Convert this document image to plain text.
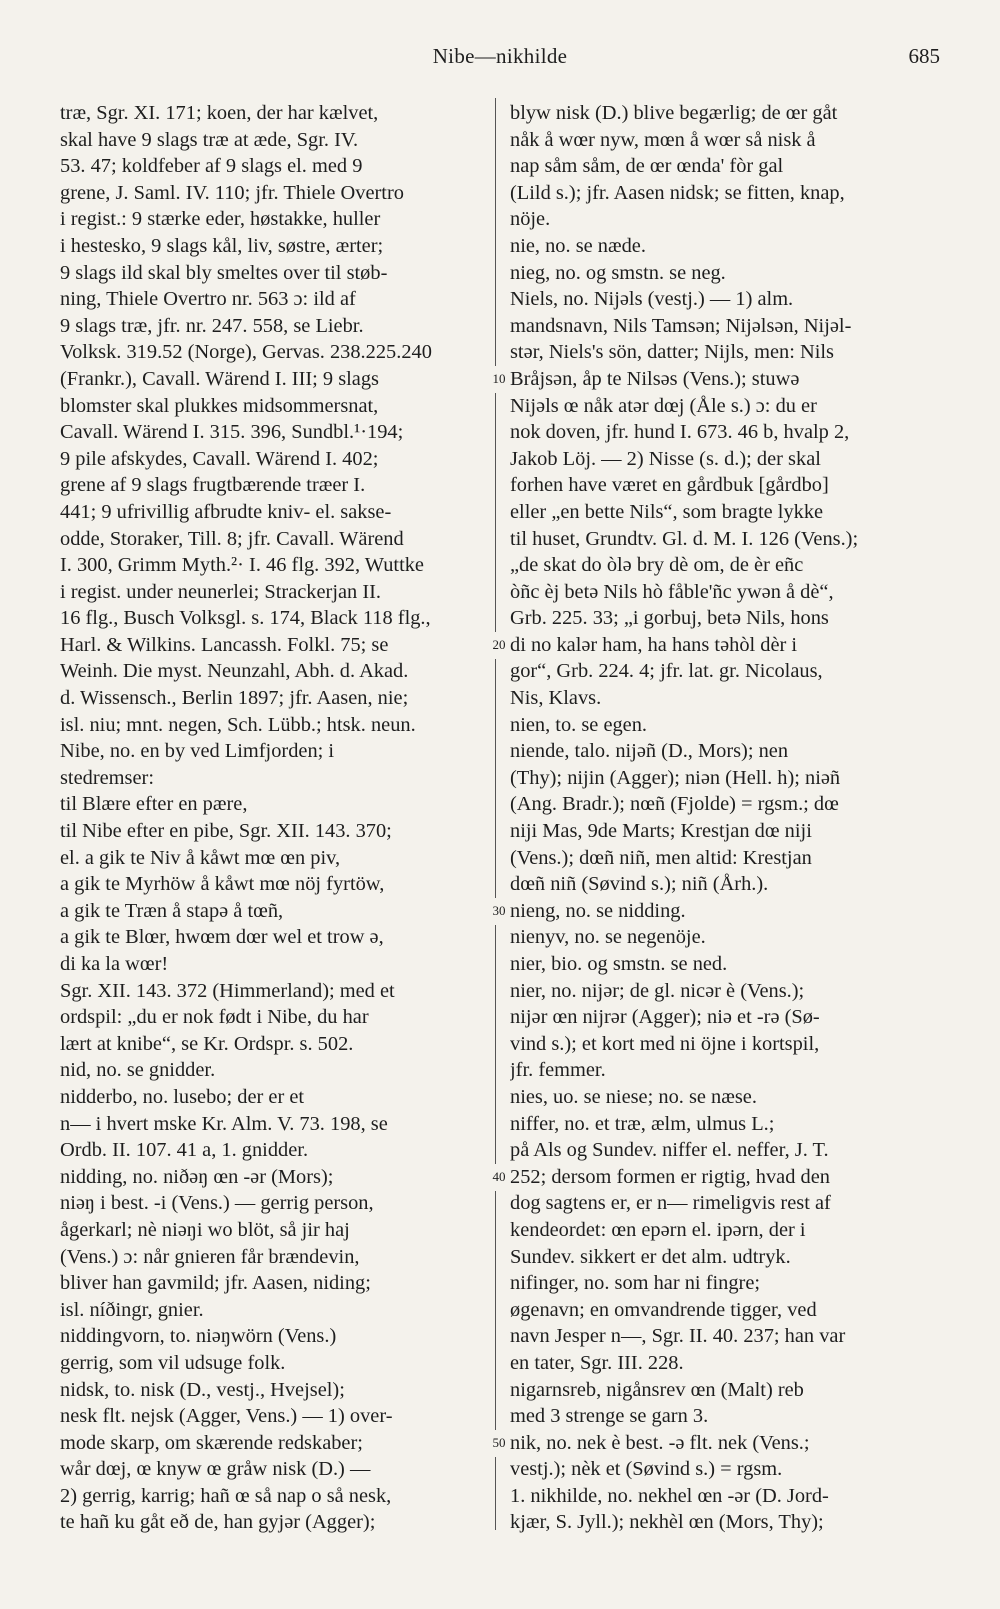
Nibe—nikhilde	685
10
20
30
40
50
træ, Sgr. XI. 171; koen, der har kælvet,
skal have 9 slags træ at æde, Sgr. IV.
53. 47; koldfeber af 9 slags el. med 9
grene, J. Saml. IV. 110; jfr. Thiele Overtro
i regist.: 9 stærke eder, høstakke, huller
i hestesko, 9 slags kål, liv, søstre, ærter;
9 slags ild skal bly smeltes over til støb-
ning, Thiele Overtro nr. 563 ɔ: ild af
9 slags træ, jfr. nr. 247. 558, se Liebr.
Volksk. 319.52 (Norge), Gervas. 238.225.240
(Frankr.), Cavall. Wärend I. III; 9 slags
blomster skal plukkes midsommersnat,
Cavall. Wärend I. 315. 396, Sundbl.¹·194;
9 pile afskydes, Cavall. Wärend I. 402;
grene af 9 slags frugtbærende træer I.
441; 9 ufrivillig afbrudte kniv- el. sakse-
odde, Storaker, Till. 8; jfr. Cavall. Wärend
I. 300, Grimm Myth.²· I. 46 flg. 392, Wuttke
i regist. under neunerlei; Strackerjan II.
16 flg., Busch Volksgl. s. 174, Black 118 flg.,
Harl. & Wilkins. Lancassh. Folkl. 75; se
Weinh. Die myst. Neunzahl, Abh. d. Akad.
d. Wissensch., Berlin 1897; jfr. Aasen, nie;
isl. niu; mnt. negen, Sch. Lübb.; htsk. neun.
Nibe, no. en by ved Limfjorden; i
stedremser:
til Blære efter en pære,
til Nibe efter en pibe, Sgr. XII. 143. 370;
el. a gik te Niv å kåwt mœ œn piv,
a gik te Myrhöw å kåwt mœ nöj fyrtöw,
a gik te Træn å stapə å tœñ,
a gik te Blœr, hwœm dœr wel et trow ə,
di ka la wœr!
Sgr. XII. 143. 372 (Himmerland); med et
ordspil: „du er nok født i Nibe, du har
lært at knibe“, se Kr. Ordspr. s. 502.
nid, no. se gnidder.
nidderbo, no. lusebo; der er et
n— i hvert mske Kr. Alm. V. 73. 198, se
Ordb. II. 107. 41 a, 1. gnidder.
nidding, no. niðəŋ œn -ər (Mors);
niəŋ i best. -i (Vens.) — gerrig person,
ågerkarl; nè niəŋi wo blöt, så jir haj
(Vens.) ɔ: når gnieren får brændevin,
bliver han gavmild; jfr. Aasen, niding;
isl. níðingr, gnier.
niddingvorn, to. niəŋwörn (Vens.)
gerrig, som vil udsuge folk.
nidsk, to. nisk (D., vestj., Hvejsel);
nesk flt. nejsk (Agger, Vens.) — 1) over-
mode skarp, om skærende redskaber;
wår dœj, œ knyw œ gråw nisk (D.) —
2) gerrig, karrig; hañ œ så nap o så nesk,
te hañ ku gåt eð de, han gyjər (Agger);
blyw nisk (D.) blive begærlig; de œr gåt
nåk å wœr nyw, mœn å wœr så nisk å
nap såm såm, de œr œnda' fòr gal
(Lild s.); jfr. Aasen nidsk; se fitten, knap,
nöje.
nie, no. se næde.
nieg, no. og smstn. se neg.
Niels, no. Nijəls (vestj.) — 1) alm.
mandsnavn, Nils Tamsən; Nijəlsən, Nijəl-
stər, Niels's sön, datter; Nijls, men: Nils
Bråjsən, åp te Nilsəs (Vens.); stuwə
Nijəls œ nåk atər dœj (Åle s.) ɔ: du er
nok doven, jfr. hund I. 673. 46 b, hvalp 2,
Jakob Löj. — 2) Nisse (s. d.); der skal
forhen have været en gårdbuk [gårdbo]
eller „en bette Nils“, som bragte lykke
til huset, Grundtv. Gl. d. M. I. 126 (Vens.);
„de skat do òlə bry dè om, de èr eñc
òñc èj betə Nils hò fåble'ñc ywən å dè“,
Grb. 225. 33; „i gorbuj, betə Nils, hons
di no kalər ham, ha hans təhòl dèr i
gor“, Grb. 224. 4; jfr. lat. gr. Nicolaus,
Nis, Klavs.
nien, to. se egen.
niende, talo. nijəñ (D., Mors); nen
(Thy); nijin (Agger); niən (Hell. h); niəñ
(Ang. Bradr.); nœñ (Fjolde) = rgsm.; dœ
niji Mas, 9de Marts; Krestjan dœ niji
(Vens.); dœñ niñ, men altid: Krestjan
dœñ niñ (Søvind s.); niñ (Årh.).
nieng, no. se nidding.
nienyv, no. se negenöje.
nier, bio. og smstn. se ned.
nier, no. nijər; de gl. nicər è (Vens.);
nijər œn nijrər (Agger); niə et -rə (Sø-
vind s.); et kort med ni öjne i kortspil,
jfr. femmer.
nies, uo. se niese; no. se næse.
niffer, no. et træ, ælm, ulmus L.;
på Als og Sundev. niffer el. neffer, J. T.
252; dersom formen er rigtig, hvad den
dog sagtens er, er n— rimeligvis rest af
kendeordet: œn epərn el. ipərn, der i
Sundev. sikkert er det alm. udtryk.
nifinger, no. som har ni fingre;
øgenavn; en omvandrende tigger, ved
navn Jesper n—, Sgr. II. 40. 237; han var
en tater, Sgr. III. 228.
nigarnsreb, nigånsrev œn (Malt) reb
med 3 strenge se garn 3.
nik, no. nek è best. -ə flt. nek (Vens.;
vestj.); nèk et (Søvind s.) = rgsm.
1. nikhilde, no. nekhel œn -ər (D. Jord-
kjær, S. Jyll.); nekhèl œn (Mors, Thy);
